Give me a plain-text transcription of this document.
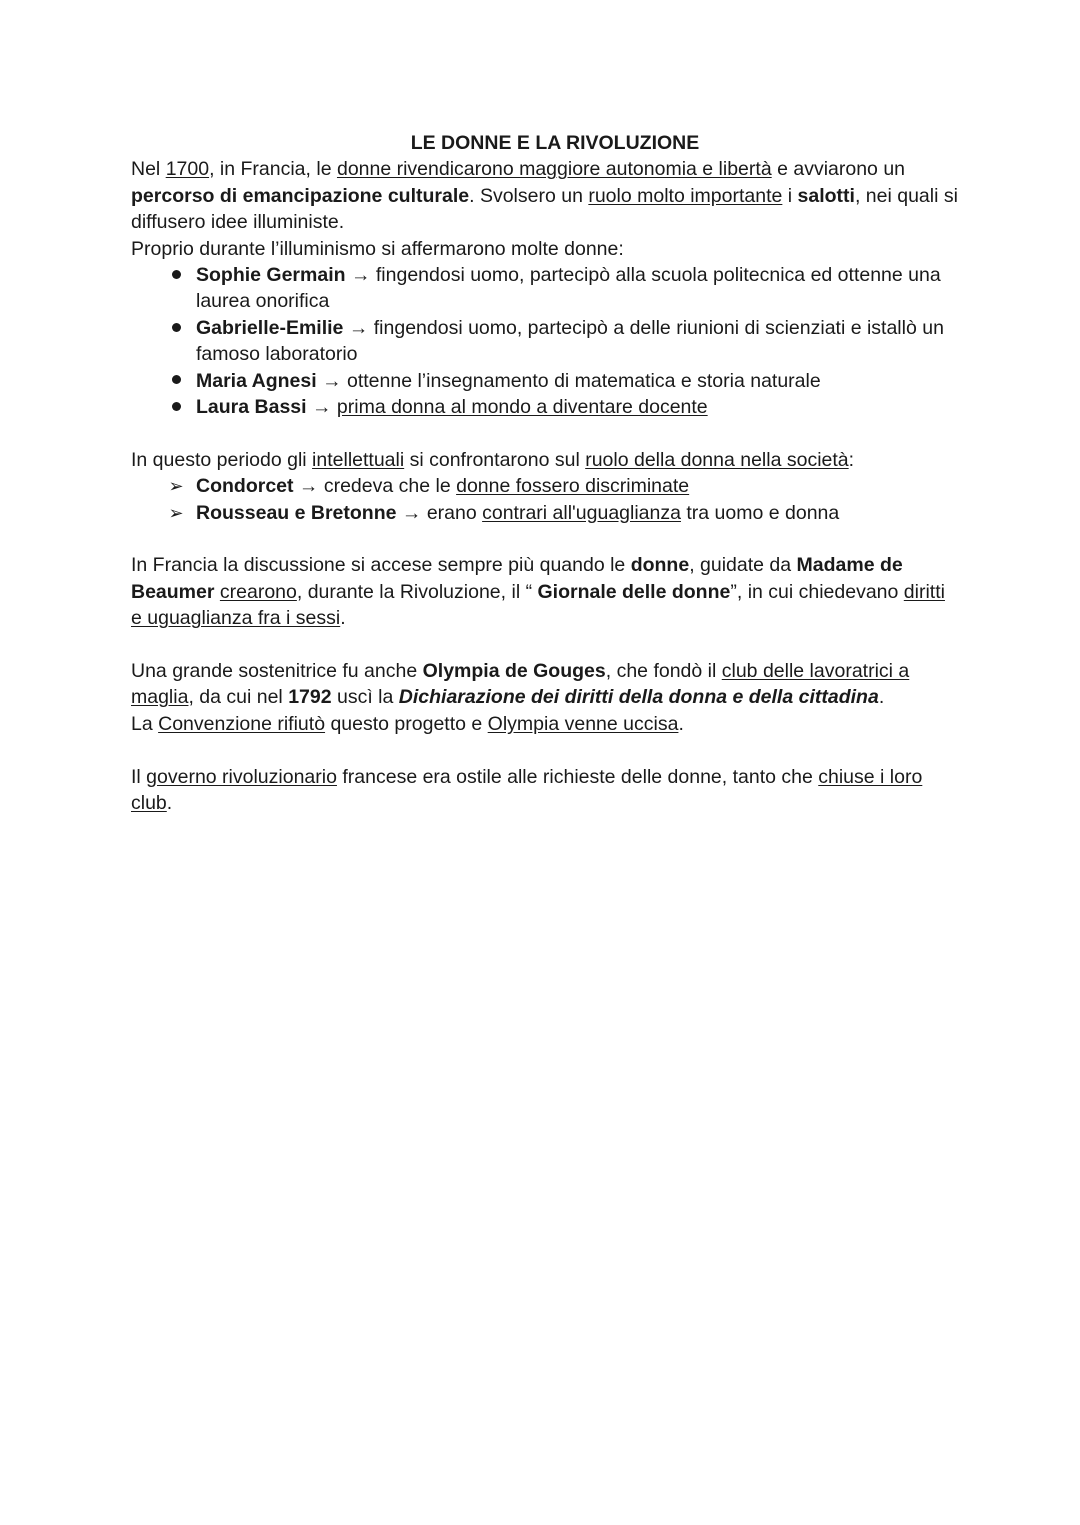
LE DONNE E LA RIVOLUZIONE

Nel 1700, in Francia, le donne rivendicarono maggiore autonomia e libertà e avviarono un percorso di emancipazione culturale. Svolsero un ruolo molto importante i salotti, nei quali si diffusero idee illuministe.

Proprio durante l’illuminismo si affermarono molte donne:

Sophie Germain → fingendosi uomo, partecipò alla scuola politecnica ed ottenne una laurea onorifica
Gabrielle-Emilie → fingendosi uomo, partecipò a delle riunioni di scienziati e istallò un famoso laboratorio
Maria Agnesi → ottenne l’insegnamento di matematica e storia naturale
Laura Bassi → prima donna al mondo a diventare docente

In questo periodo gli intellettuali si confrontarono sul ruolo della donna nella società:

➢ Condorcet → credeva che le donne fossero discriminate
➢ Rousseau e Bretonne → erano contrari all'uguaglianza tra uomo e donna

In Francia la discussione si accese sempre più quando le donne, guidate da Madame de Beaumer crearono, durante la Rivoluzione, il “ Giornale delle donne”, in cui chiedevano diritti e uguaglianza fra i sessi.

Una grande sostenitrice fu anche Olympia de Gouges, che fondò il club delle lavoratrici a maglia, da cui nel 1792 uscì la Dichiarazione dei diritti della donna e della cittadina.

La Convenzione rifiutò questo progetto e Olympia venne uccisa.

Il governo rivoluzionario francese era ostile alle richieste delle donne, tanto che chiuse i loro club.
